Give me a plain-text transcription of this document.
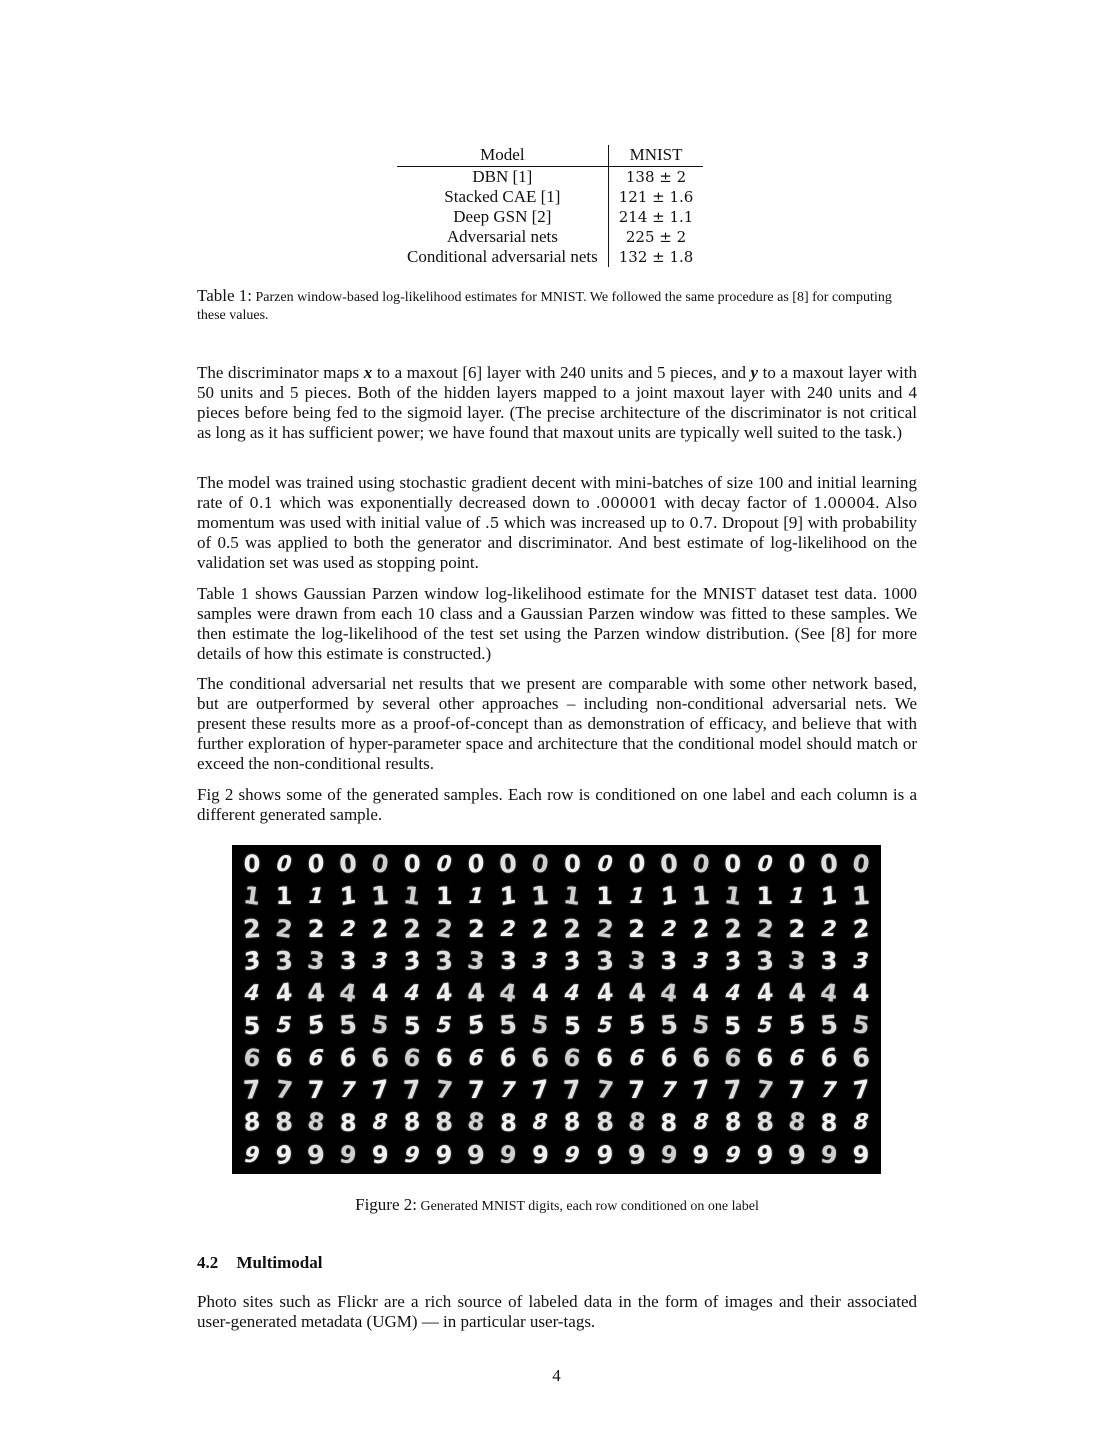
Model	MNIST
DBN [1]	138 ± 2
Stacked CAE [1]	121 ± 1.6
Deep GSN [2]	214 ± 1.1
Adversarial nets	225 ± 2
Conditional adversarial nets	132 ± 1.8
Table 1: Parzen window-based log-likelihood estimates for MNIST. We followed the same procedure as [8] for computing these values.

The discriminator maps x to a maxout [6] layer with 240 units and 5 pieces, and y to a maxout layer with 50 units and 5 pieces. Both of the hidden layers mapped to a joint maxout layer with 240 units and 4 pieces before being fed to the sigmoid layer. (The precise architecture of the discriminator is not critical as long as it has sufficient power; we have found that maxout units are typically well suited to the task.)

The model was trained using stochastic gradient decent with mini-batches of size 100 and initial learning rate of 0.1 which was exponentially decreased down to .000001 with decay factor of 1.00004. Also momentum was used with initial value of .5 which was increased up to 0.7. Dropout [9] with probability of 0.5 was applied to both the generator and discriminator. And best estimate of log-likelihood on the validation set was used as stopping point.

Table 1 shows Gaussian Parzen window log-likelihood estimate for the MNIST dataset test data. 1000 samples were drawn from each 10 class and a Gaussian Parzen window was fitted to these samples. We then estimate the log-likelihood of the test set using the Parzen window distribution. (See [8] for more details of how this estimate is constructed.)

The conditional adversarial net results that we present are comparable with some other network based, but are outperformed by several other approaches – including non-conditional adversarial nets. We present these results more as a proof-of-concept than as demonstration of efficacy, and believe that with further exploration of hyper-parameter space and architecture that the conditional model should match or exceed the non-conditional results.

Fig 2 shows some of the generated samples. Each row is conditioned on one label and each column is a different generated sample.

0 0 0 0 0 0 0 0 0 0 0 0 0 0 0 0 0 0 0 0
1 1 1 1 1 1 1 1 1 1 1 1 1 1 1 1 1 1 1 1
2 2 2 2 2 2 2 2 2 2 2 2 2 2 2 2 2 2 2 2
3 3 3 3 3 3 3 3 3 3 3 3 3 3 3 3 3 3 3 3
4 4 4 4 4 4 4 4 4 4 4 4 4 4 4 4 4 4 4 4
5 5 5 5 5 5 5 5 5 5 5 5 5 5 5 5 5 5 5 5
6 6 6 6 6 6 6 6 6 6 6 6 6 6 6 6 6 6 6 6
7 7 7 7 7 7 7 7 7 7 7 7 7 7 7 7 7 7 7 7
8 8 8 8 8 8 8 8 8 8 8 8 8 8 8 8 8 8 8 8
9 9 9 9 9 9 9 9 9 9 9 9 9 9 9 9 9 9 9 9
Figure 2: Generated MNIST digits, each row conditioned on one label
4.2 Multimodal

Photo sites such as Flickr are a rich source of labeled data in the form of images and their associated user-generated metadata (UGM) — in particular user-tags.

4
